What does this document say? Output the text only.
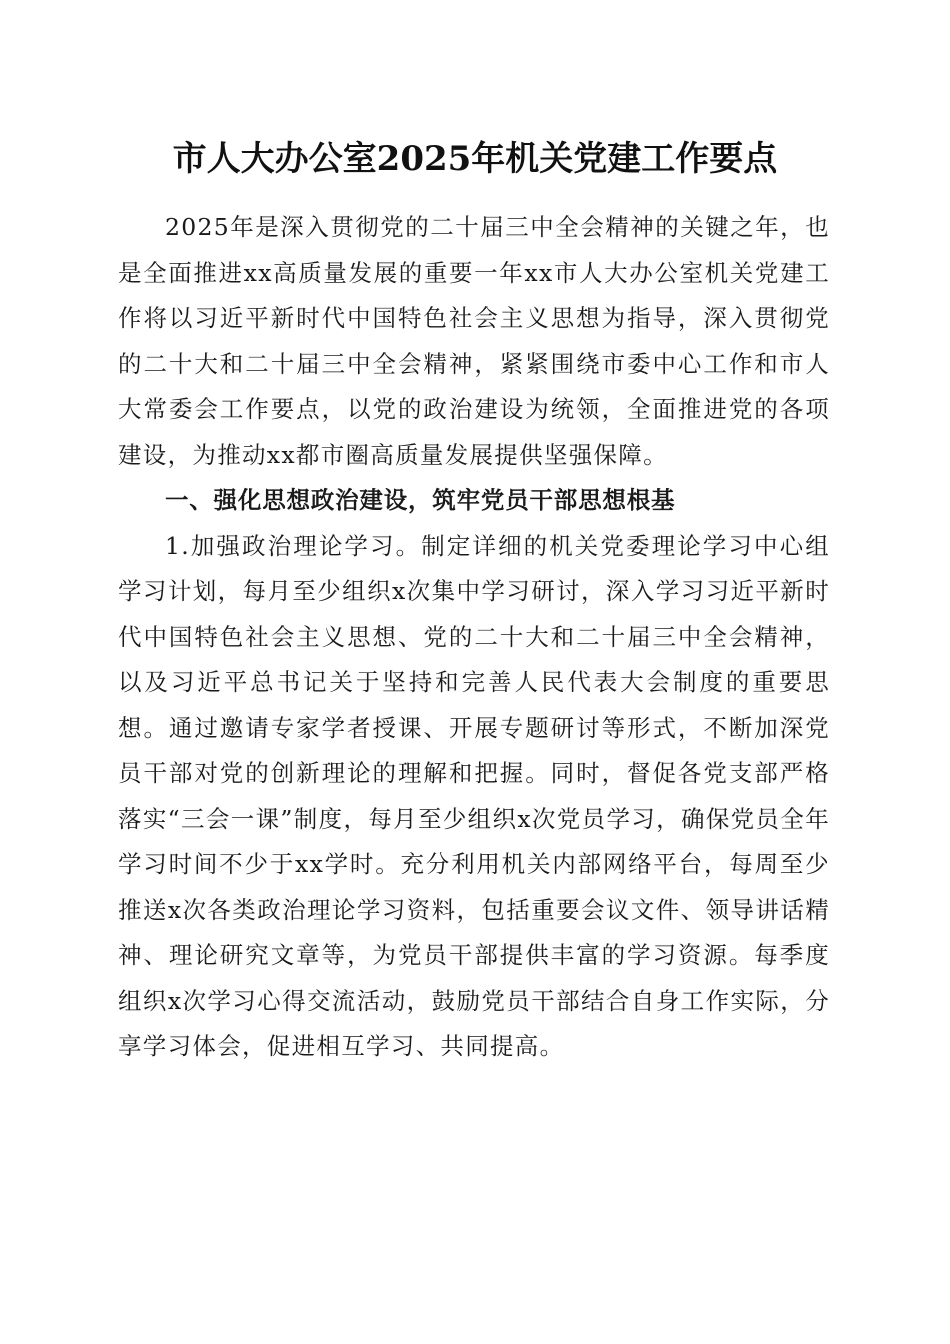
市人大办公室2025年机关党建工作要点

2025年是深入贯彻党的二十届三中全会精神的关键之年，也是全面推进xx高质量发展的重要一年xx市人大办公室机关党建工作将以习近平新时代中国特色社会主义思想为指导，深入贯彻党的二十大和二十届三中全会精神，紧紧围绕市委中心工作和市人大常委会工作要点，以党的政治建设为统领，全面推进党的各项建设，为推动xx都市圈高质量发展提供坚强保障。

一、强化思想政治建设，筑牢党员干部思想根基

1.加强政治理论学习。制定详细的机关党委理论学习中心组学习计划，每月至少组织x次集中学习研讨，深入学习习近平新时代中国特色社会主义思想、党的二十大和二十届三中全会精神，以及习近平总书记关于坚持和完善人民代表大会制度的重要思想。通过邀请专家学者授课、开展专题研讨等形式，不断加深党员干部对党的创新理论的理解和把握。同时，督促各党支部严格落实“三会一课”制度，每月至少组织x次党员学习，确保党员全年学习时间不少于xx学时。充分利用机关内部网络平台，每周至少推送x次各类政治理论学习资料，包括重要会议文件、领导讲话精神、理论研究文章等，为党员干部提供丰富的学习资源。每季度组织x次学习心得交流活动，鼓励党员干部结合自身工作实际，分享学习体会，促进相互学习、共同提高。
